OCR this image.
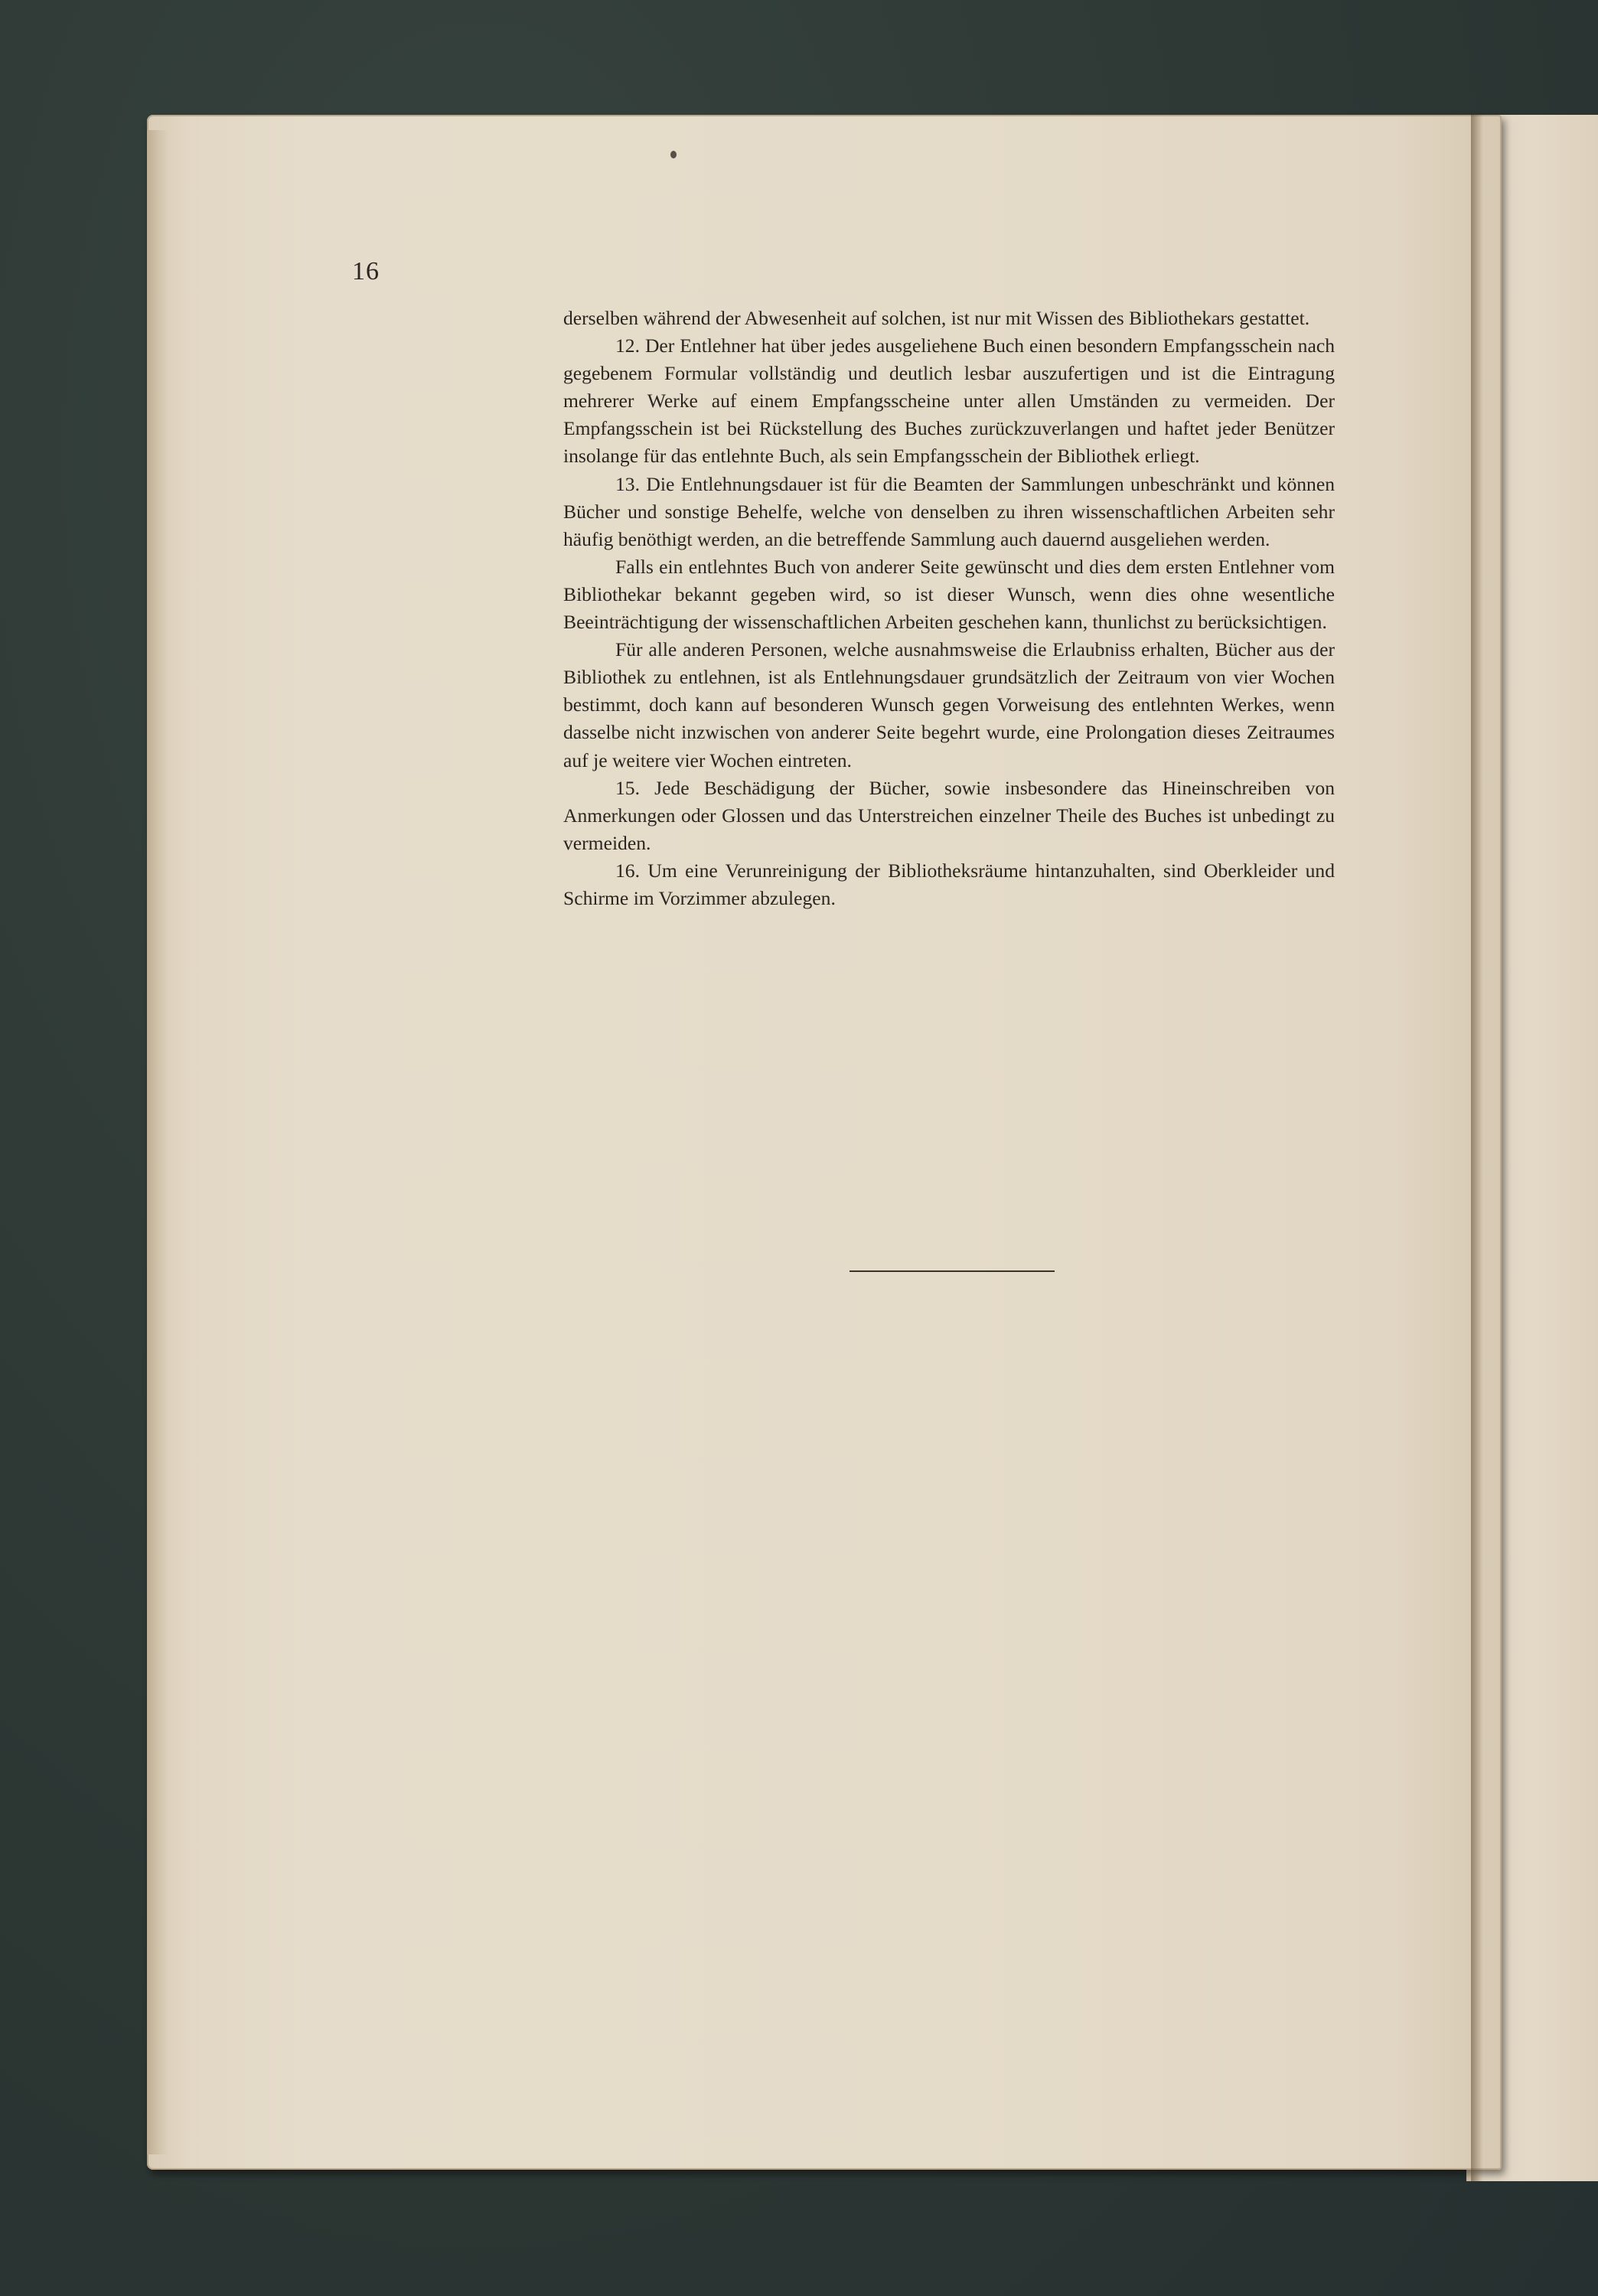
16

derselben während der Abwesenheit auf solchen, ist nur mit Wissen des Bibliothekars gestattet.

12. Der Entlehner hat über jedes ausgeliehene Buch einen besondern Empfangsschein nach gegebenem Formular vollständig und deutlich lesbar auszufertigen und ist die Eintragung mehrerer Werke auf einem Empfangsscheine unter allen Umständen zu vermeiden. Der Empfangsschein ist bei Rückstellung des Buches zurückzuverlangen und haftet jeder Benützer insolange für das entlehnte Buch, als sein Empfangsschein der Bibliothek erliegt.

13. Die Entlehnungsdauer ist für die Beamten der Sammlungen unbeschränkt und können Bücher und sonstige Behelfe, welche von denselben zu ihren wissenschaftlichen Arbeiten sehr häufig benöthigt werden, an die betreffende Sammlung auch dauernd ausgeliehen werden.

Falls ein entlehntes Buch von anderer Seite gewünscht und dies dem ersten Entlehner vom Bibliothekar bekannt gegeben wird, so ist dieser Wunsch, wenn dies ohne wesentliche Beeinträchtigung der wissenschaftlichen Arbeiten geschehen kann, thunlichst zu berücksichtigen.

Für alle anderen Personen, welche ausnahmsweise die Erlaubniss erhalten, Bücher aus der Bibliothek zu entlehnen, ist als Entlehnungsdauer grundsätzlich der Zeitraum von vier Wochen bestimmt, doch kann auf besonderen Wunsch gegen Vorweisung des entlehnten Werkes, wenn dasselbe nicht inzwischen von anderer Seite begehrt wurde, eine Prolongation dieses Zeitraumes auf je weitere vier Wochen eintreten.

15. Jede Beschädigung der Bücher, sowie insbesondere das Hineinschreiben von Anmerkungen oder Glossen und das Unterstreichen einzelner Theile des Buches ist unbedingt zu vermeiden.

16. Um eine Verunreinigung der Bibliotheksräume hintanzuhalten, sind Oberkleider und Schirme im Vorzimmer abzulegen.
